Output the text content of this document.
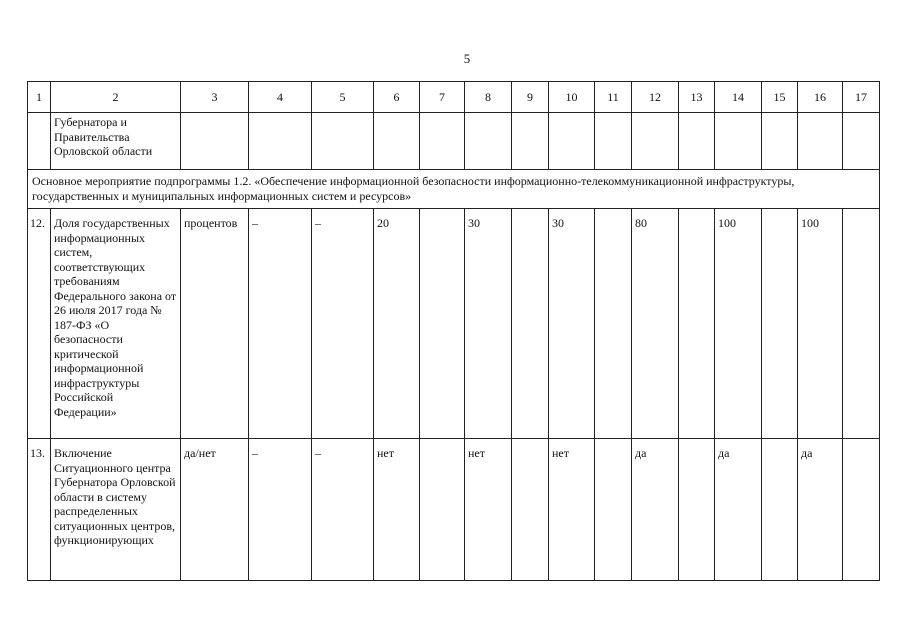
5
1	2	3	4	5	6	7	8	9	10	11	12	13	14	15	16	17

	Губернатора и Правительства Орловской области															

Основное мероприятие подпрограммы 1.2. «Обеспечение информационной безопасности информационно-телекоммуникационной инфраструктуры, государственных и муниципальных информационных систем и ресурсов»																

12.	Доля государственных информационных систем, соответствующих требованиям Федерального закона от 26 июля 2017 года № 187-ФЗ «О безопасности критической информационной инфраструктуры Российской Федерации»	процентов	–	–	20		30		30		80		100		100	

13.	Включение Ситуационного центра Губернатора Орловской области в систему распределенных ситуационных центров, функционирующих	да/нет	–	–	нет		нет		нет		да		да		да	
